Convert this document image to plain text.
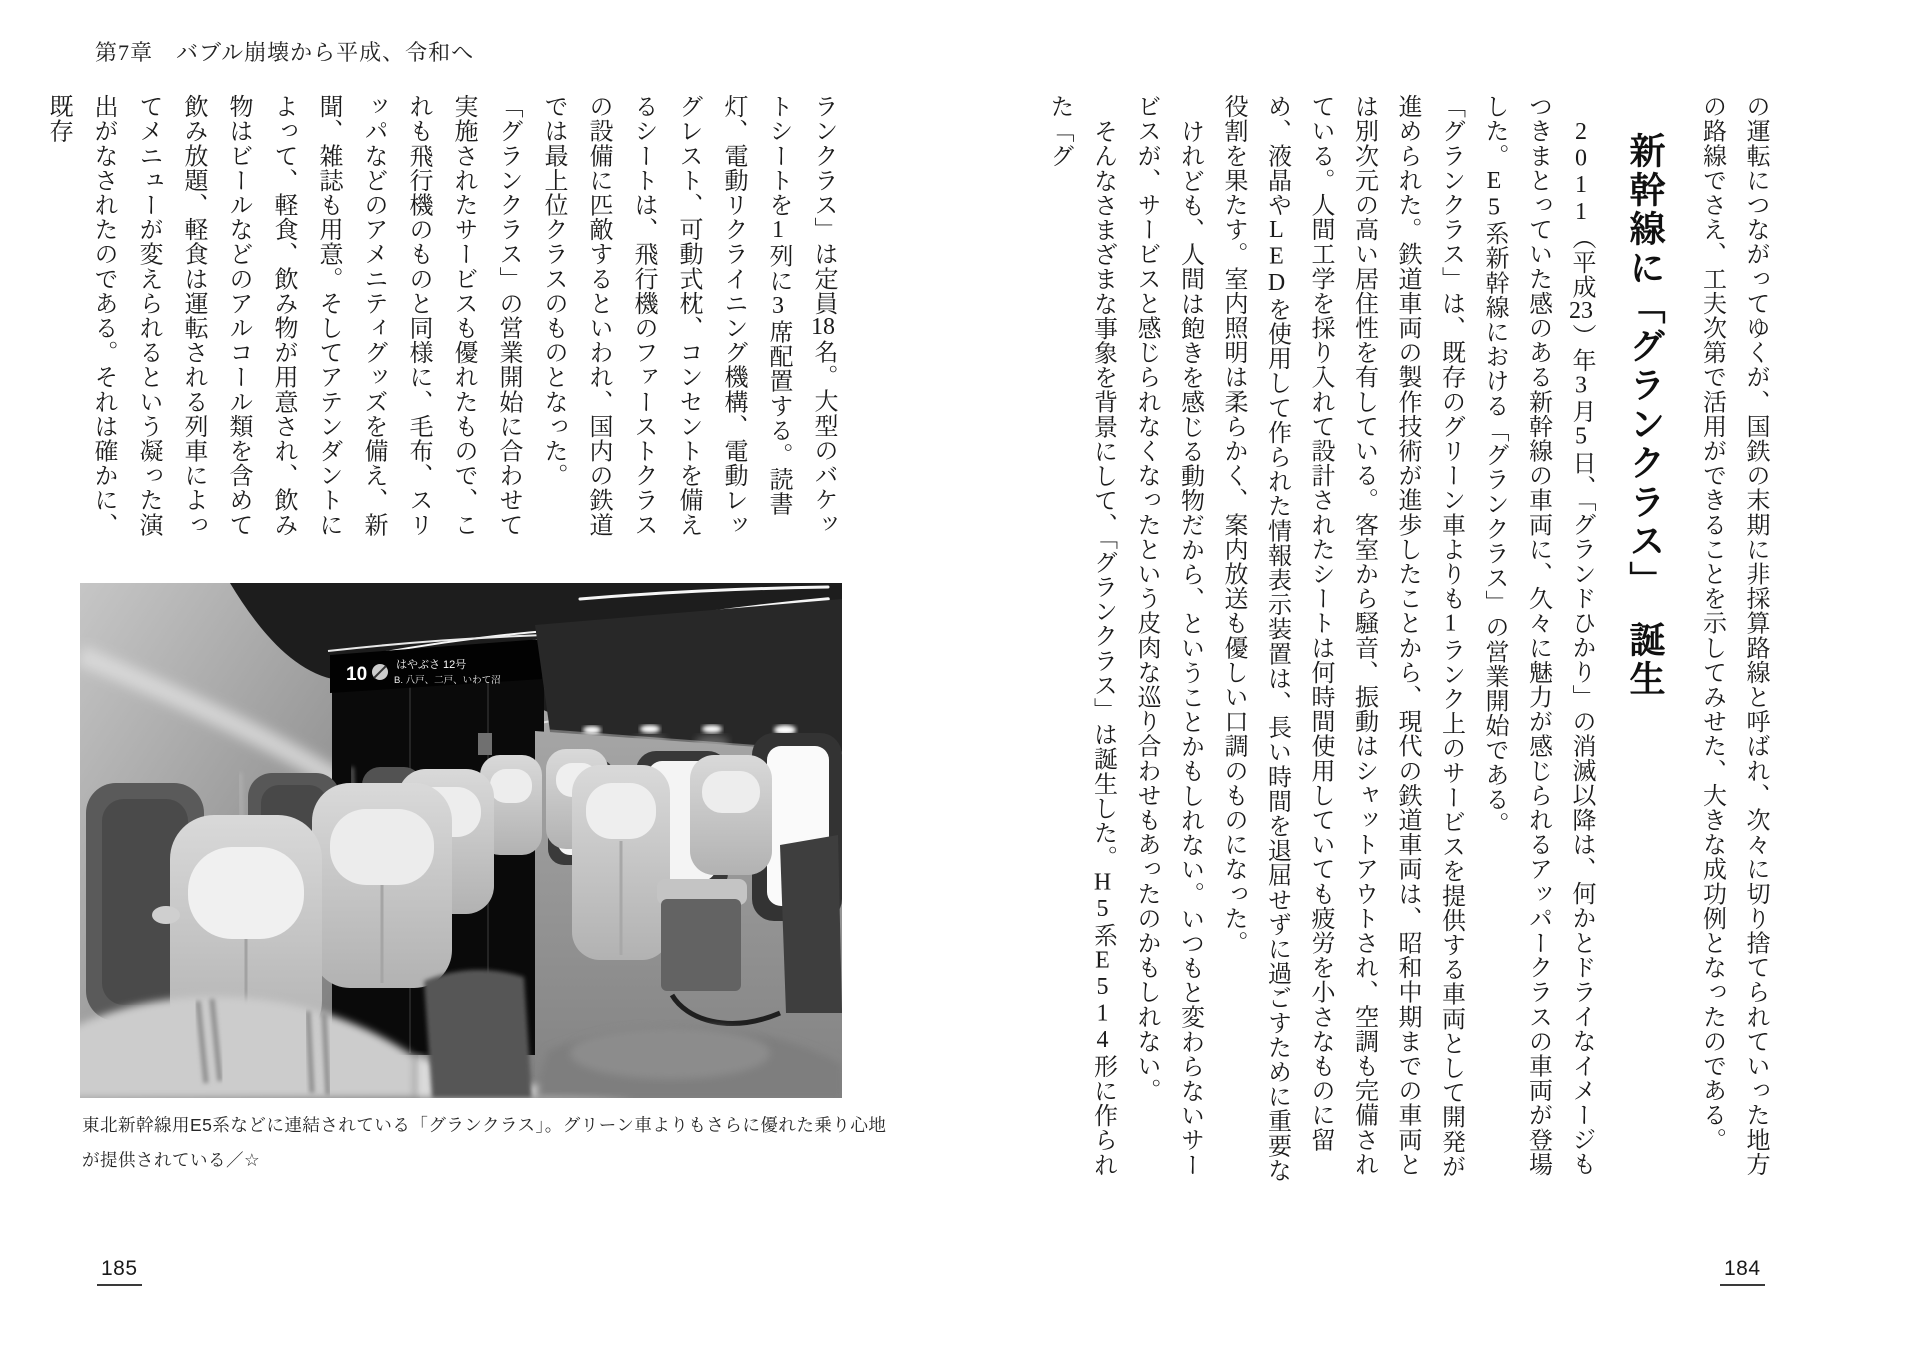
第7章　バブル崩壊から平成、令和へ

ランクラス」は定員18名。大型のバケットシートを1列に3席配置する。読書灯、電動リクライニング機構、電動レッグレスト、可動式枕、コンセントを備えるシートは、飛行機のファーストクラスの設備に匹敵するといわれ、国内の鉄道では最上位クラスのものとなった。

「グランクラス」の営業開始に合わせて実施されたサービスも優れたもので、これも飛行機のものと同様に、毛布、スリッパなどのアメニティグッズを備え、新聞、雑誌も用意。そしてアテンダントによって、軽食、飲み物が用意され、飲み物はビールなどのアルコール類を含めて飲み放題、軽食は運転される列車によってメニューが変えられるという凝った演出がなされたのである。それは確かに、既存

10	はやぶさ 12号
B. 八戸、二戸、いわて沼
東北新幹線用E5系などに連結されている「グランクラス」。グリーン車よりもさらに優れた乗り心地
が提供されている／☆
185

の運転につながってゆくが、国鉄の末期に非採算路線と呼ばれ、次々に切り捨てられていった地方の路線でさえ、工夫次第で活用ができることを示してみせた、大きな成功例となったのである。

新幹線に「グランクラス」　誕生

2011（平成23）年3月5日、「グランドひかり」の消滅以降は、何かとドライなイメージもつきまとっていた感のある新幹線の車両に、久々に魅力が感じられるアッパークラスの車両が登場した。E5系新幹線における「グランクラス」の営業開始である。

「グランクラス」は、既存のグリーン車よりも1ランク上のサービスを提供する車両として開発が進められた。鉄道車両の製作技術が進歩したことから、現代の鉄道車両は、昭和中期までの車両とは別次元の高い居住性を有している。客室から騒音、振動はシャットアウトされ、空調も完備されている。人間工学を採り入れて設計されたシートは何時間使用していても疲労を小さなものに留め、液晶やLEDを使用して作られた情報表示装置は、長い時間を退屈せずに過ごすために重要な役割を果たす。室内照明は柔らかく、案内放送も優しい口調のものになった。

けれども、人間は飽きを感じる動物だから、ということかもしれない。いつもと変わらないサービスが、サービスと感じられなくなったという皮肉な巡り合わせもあったのかもしれない。

そんなさまざまな事象を背景にして、「グランクラス」は誕生した。H5系E514形に作られた「グ

184
